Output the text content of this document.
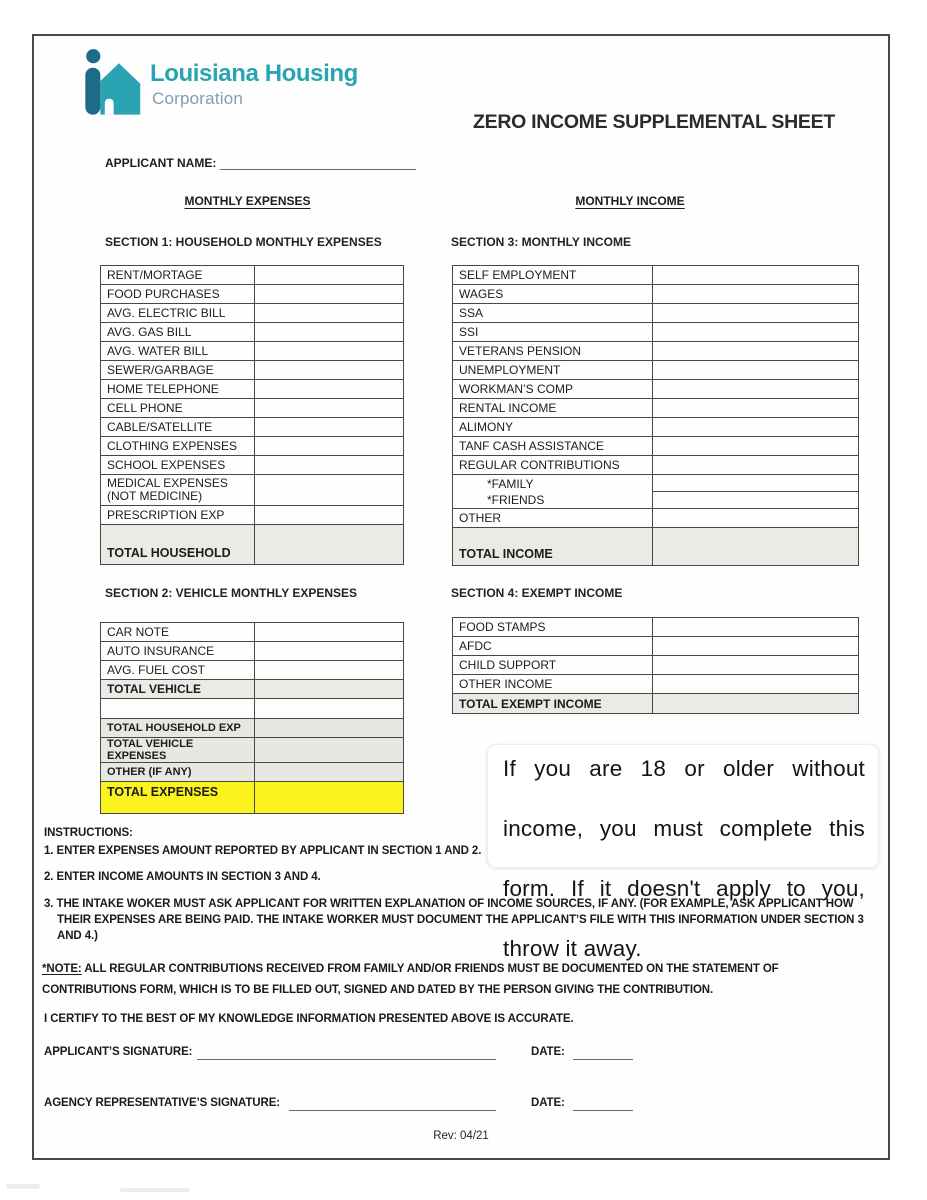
Louisiana Housing
Corporation
ZERO INCOME SUPPLEMENTAL SHEET
APPLICANT NAME:
MONTHLY EXPENSES	MONTHLY INCOME
SECTION 1: HOUSEHOLD MONTHLY EXPENSES	SECTION 3: MONTHLY INCOME
RENT/MORTAGE	
FOOD PURCHASES	
AVG. ELECTRIC BILL	
AVG. GAS BILL	
AVG. WATER BILL	
SEWER/GARBAGE	
HOME TELEPHONE	
CELL PHONE	
CABLE/SATELLITE	
CLOTHING EXPENSES	
SCHOOL EXPENSES	
MEDICAL EXPENSES
(NOT MEDICINE)	
PRESCRIPTION EXP	
TOTAL HOUSEHOLD	
SELF EMPLOYMENT	
WAGES	
SSA	
SSI	
VETERANS PENSION	
UNEMPLOYMENT	
WORKMAN’S COMP	
RENTAL INCOME	
ALIMONY	
TANF CASH ASSISTANCE	
REGULAR CONTRIBUTIONS	
*FAMILY
*FRIENDS	

OTHER	
TOTAL INCOME	
SECTION 2: VEHICLE MONTHLY EXPENSES	SECTION 4: EXEMPT INCOME
CAR NOTE	
AUTO INSURANCE	
AVG. FUEL COST	
TOTAL VEHICLE	

TOTAL HOUSEHOLD EXP	
TOTAL VEHICLE EXPENSES	
OTHER (IF ANY)	
TOTAL EXPENSES	
FOOD STAMPS	
AFDC	
CHILD SUPPORT	
OTHER INCOME	
TOTAL EXEMPT INCOME	
If you are 18 or older without
income, you must complete this
form. If it doesn't apply to you,
throw it away.
INSTRUCTIONS:
1. ENTER EXPENSES AMOUNT REPORTED BY APPLICANT IN SECTION 1 AND 2.
2. ENTER INCOME AMOUNTS IN SECTION 3 AND 4.
3. THE INTAKE WOKER MUST ASK APPLICANT FOR WRITTEN EXPLANATION OF INCOME SOURCES, IF ANY. (FOR EXAMPLE, ASK APPLICANT HOW THEIR EXPENSES ARE BEING PAID. THE INTAKE WORKER MUST DOCUMENT THE APPLICANT’S FILE WITH THIS INFORMATION UNDER SECTION 3 AND 4.)
*NOTE: ALL REGULAR CONTRIBUTIONS RECEIVED FROM FAMILY AND/OR FRIENDS MUST BE DOCUMENTED ON THE STATEMENT OF CONTRIBUTIONS FORM, WHICH IS TO BE FILLED OUT, SIGNED AND DATED BY THE PERSON GIVING THE CONTRIBUTION.
I CERTIFY TO THE BEST OF MY KNOWLEDGE INFORMATION PRESENTED ABOVE IS ACCURATE.
APPLICANT’S SIGNATURE:	DATE:
AGENCY REPRESENTATIVE’S SIGNATURE:	DATE:
Rev: 04/21
